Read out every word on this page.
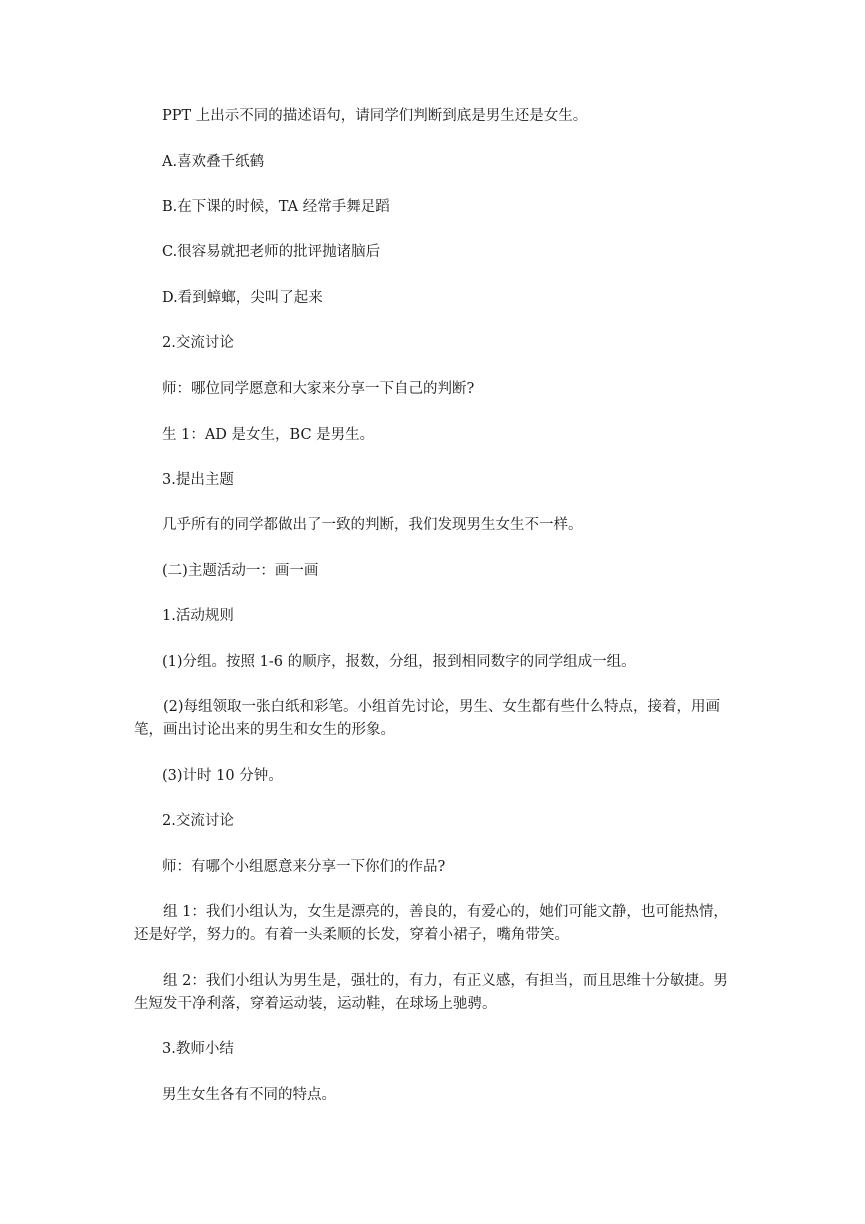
PPT 上出示不同的描述语句，请同学们判断到底是男生还是女生。

A.喜欢叠千纸鹤

B.在下课的时候，TA 经常手舞足蹈

C.很容易就把老师的批评抛诸脑后

D.看到蟑螂，尖叫了起来

2.交流讨论

师：哪位同学愿意和大家来分享一下自己的判断?

生 1：AD 是女生，BC 是男生。

3.提出主题

几乎所有的同学都做出了一致的判断，我们发现男生女生不一样。

(二)主题活动一：画一画

1.活动规则

(1)分组。按照 1-6 的顺序，报数，分组，报到相同数字的同学组成一组。

(2)每组领取一张白纸和彩笔。小组首先讨论，男生、女生都有些什么特点，接着，用画笔，画出讨论出来的男生和女生的形象。

(3)计时 10 分钟。

2.交流讨论

师：有哪个小组愿意来分享一下你们的作品?

组 1：我们小组认为，女生是漂亮的，善良的，有爱心的，她们可能文静，也可能热情，还是好学，努力的。有着一头柔顺的长发，穿着小裙子，嘴角带笑。

组 2：我们小组认为男生是，强壮的，有力，有正义感，有担当，而且思维十分敏捷。男生短发干净利落，穿着运动装，运动鞋，在球场上驰骋。

3.教师小结

男生女生各有不同的特点。
